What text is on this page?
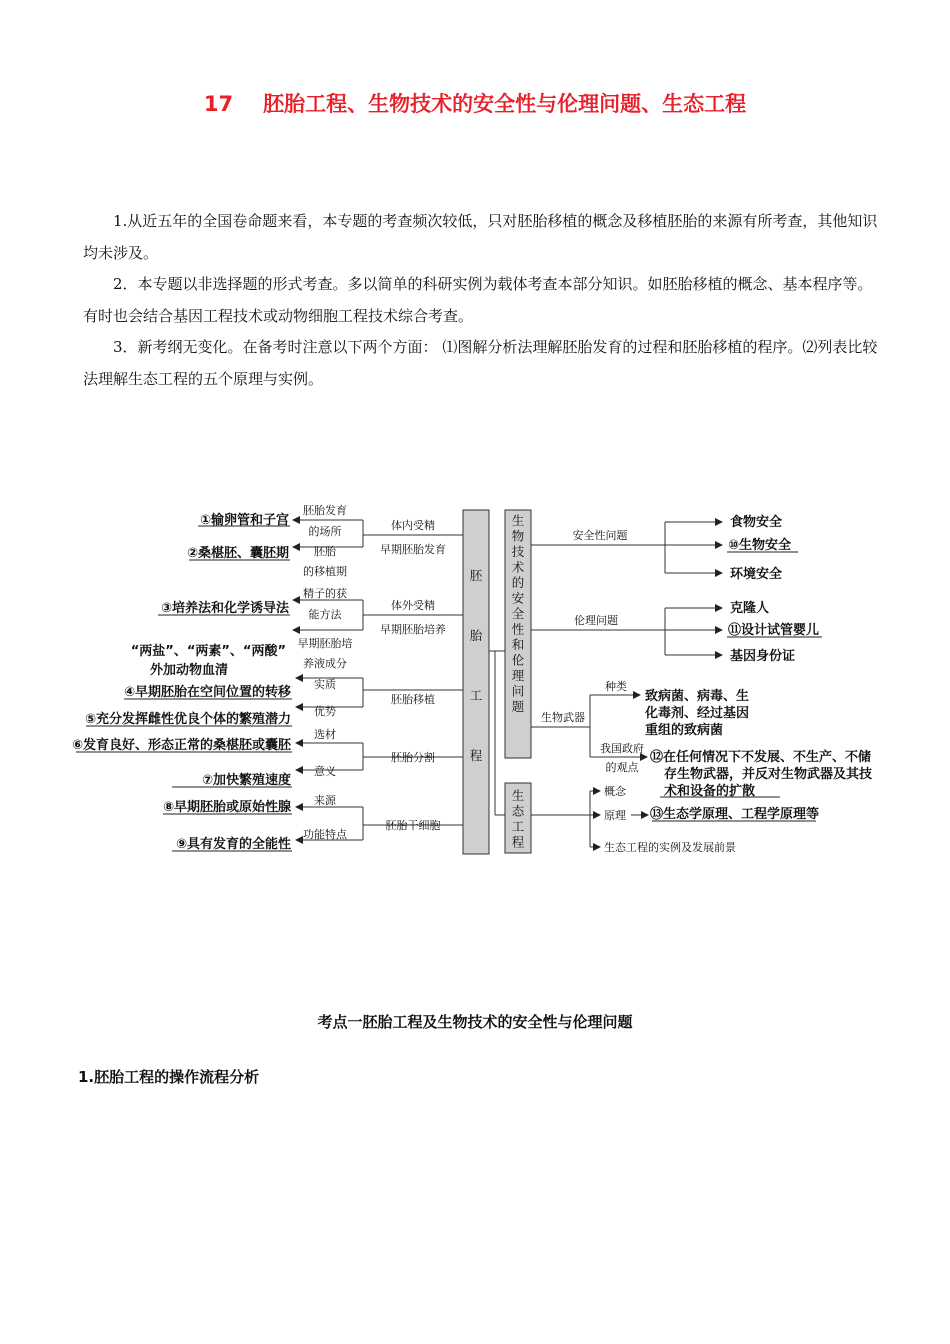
17 胚胎工程、生物技术的安全性与伦理问题、生态工程

1.从近五年的全国卷命题来看，本专题的考查频次较低，只对胚胎移植的概念及移植胚胎的来源有所考查，其他知识均未涉及。

2．本专题以非选择题的形式考查。多以简单的科研实例为载体考查本部分知识。如胚胎移植的概念、基本程序等。有时也会结合基因工程技术或动物细胞工程技术综合考查。

3．新考纲无变化。在备考时注意以下两个方面： ⑴图解分析法理解胚胎发育的过程和胚胎移植的程序。⑵列表比较法理解生态工程的五个原理与实例。

胚胎工程
生物技术的安全性和伦理问题
生态工程
体内受精
早期胚胎发育
体外受精
早期胚胎培养
胚胎移植
胚胎分割
胚胎干细胞
胚胎发育
的场所
胚胎
的移植期
精子的获
能方法
早期胚胎培
养液成分
实质
优势
选材
意义
来源
功能特点
①输卵管和子宫
②桑椹胚、囊胚期
③培养法和化学诱导法
“两盐”、“两素”、“两酸”
外加动物血清
④早期胚胎在空间位置的转移
⑤充分发挥雌性优良个体的繁殖潜力
⑥发育良好、形态正常的桑椹胚或囊胚
⑦加快繁殖速度
⑧早期胚胎或原始性腺
⑨具有发育的全能性
安全性问题
伦理问题
生物武器
食物安全
⑩生物安全
环境安全
克隆人
⑪设计试管婴儿
基因身份证
种类
我国政府
的观点
致病菌、病毒、生
化毒剂、经过基因
重组的致病菌
⑫在任何情况下不发展、不生产、不储
存生物武器，并反对生物武器及其技
术和设备的扩散
概念
原理 ⑬生态学原理、工程学原理等
生态工程的实例及发展前景
考点一胚胎工程及生物技术的安全性与伦理问题
1.胚胎工程的操作流程分析
